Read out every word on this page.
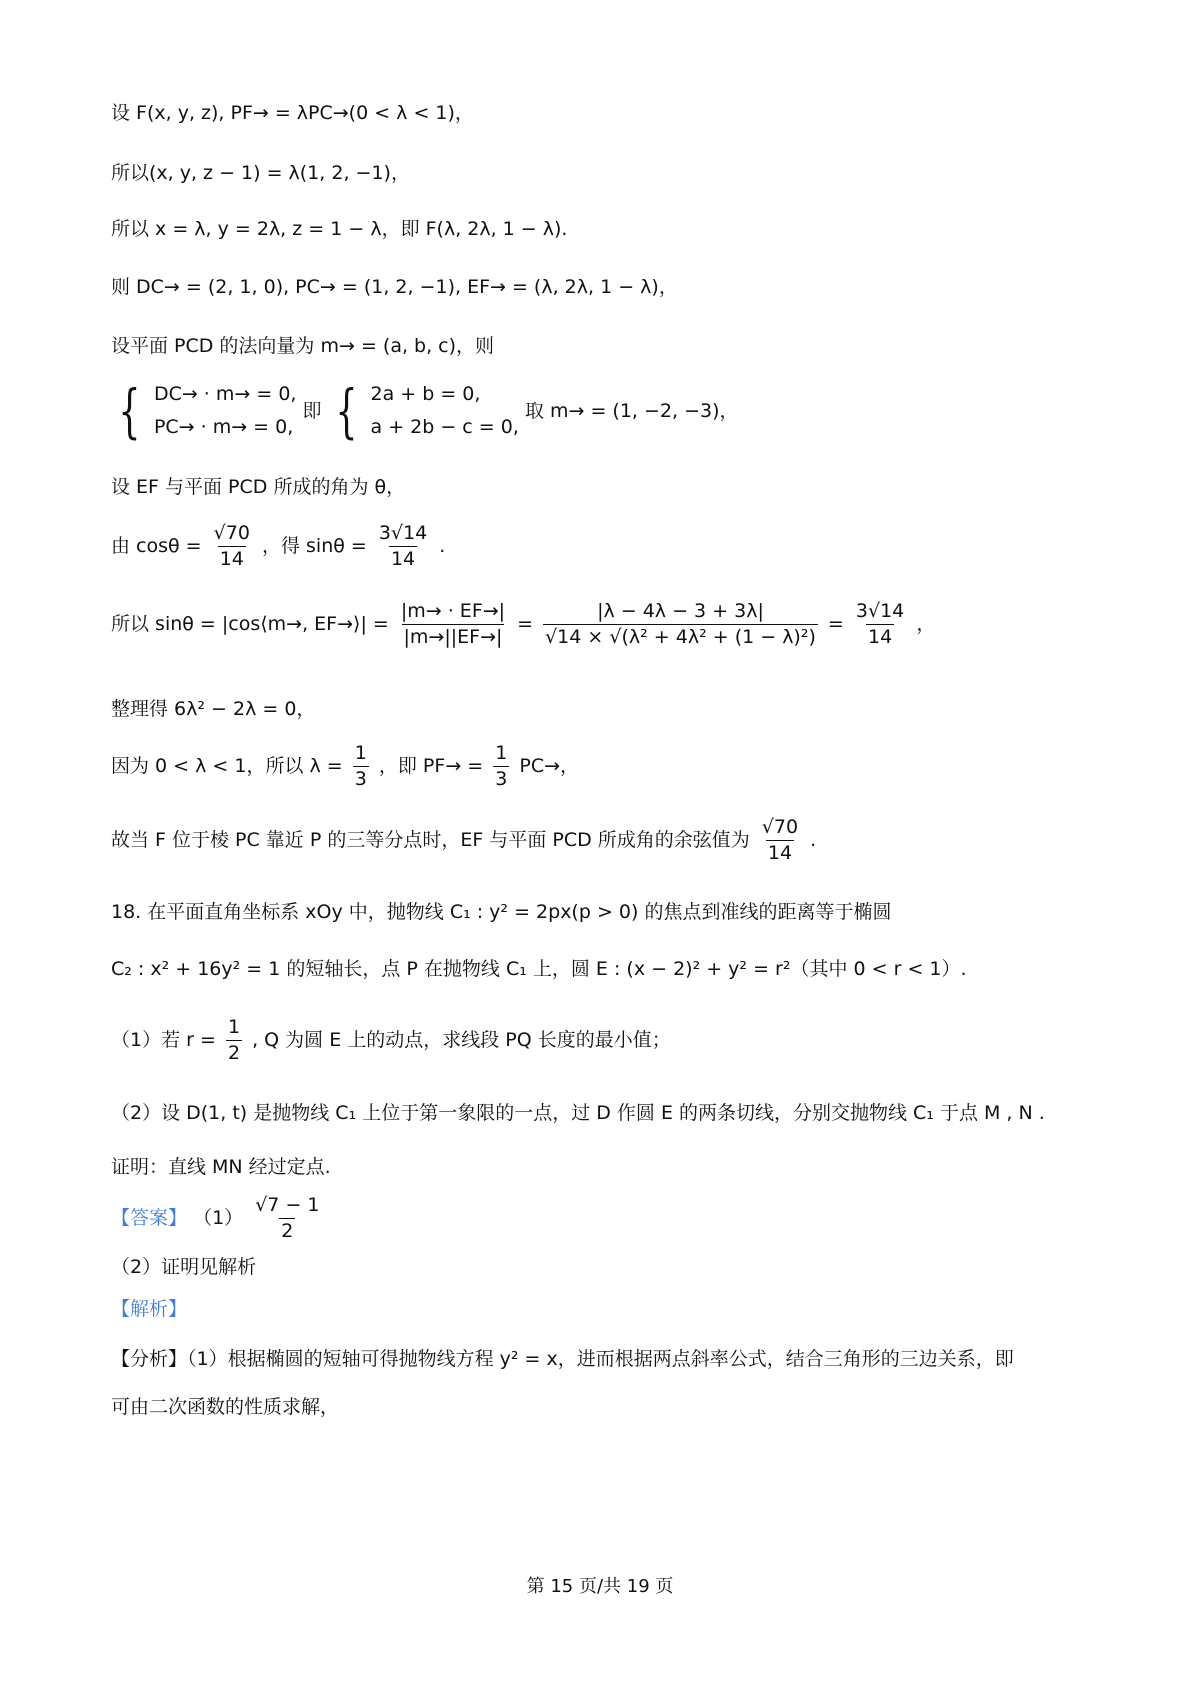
设 F(x, y, z), PF→ = λPC→(0 < λ < 1)，
所以(x, y, z − 1) = λ(1, 2, −1)，
所以 x = λ, y = 2λ, z = 1 − λ，即 F(λ, 2λ, 1 − λ).
则 DC→ = (2, 1, 0), PC→ = (1, 2, −1), EF→ = (λ, 2λ, 1 − λ)，
设平面 PCD 的法向量为 m→ = (a, b, c)，则
{ DC→ · m→ = 0,
PC→ · m→ = 0, 即 { 2a + b = 0,
a + 2b − c = 0, 取 m→ = (1, −2, −3)，
设 EF 与平面 PCD 所成的角为 θ，
由 $\cos\theta = \frac{√70}{14}$ ，得 $\sin\theta = \frac{3√14}{14}$ .
所以 sinθ = |cos⟨m→, EF→⟩| = $\frac{|m\to \cdot EF\to|}{|m\to||EF\to|} = \frac{|\lambda - 4\lambda - 3 + 3\lambda|}{\text{√14 × √(λ² + 4λ² + (1 − λ)²)}} = \frac{3√14}{14}$ ，
整理得 6λ² − 2λ = 0，
因为 0 < λ < 1，所以 $\lambda = \frac{1}{3}$ ，即 $PF\to = \frac{1}{3} PC\to$，
故当 F 位于棱 PC 靠近 P 的三等分点时，EF 与平面 PCD 所成角的余弦值为 $\frac{√70}{14}$ .
18. 在平面直角坐标系 xOy 中，抛物线 C₁ : y² = 2px(p > 0) 的焦点到准线的距离等于椭圆
C₂ : x² + 16y² = 1 的短轴长，点 P 在抛物线 C₁ 上，圆 E : (x − 2)² + y² = r²（其中 0 < r < 1）.
（1）若 $r = \frac{1}{2}$ , Q 为圆 E 上的动点，求线段 PQ 长度的最小值；
（2）设 D(1, t) 是抛物线 C₁ 上位于第一象限的一点，过 D 作圆 E 的两条切线，分别交抛物线 C₁ 于点 M , N .
证明：直线 MN 经过定点.
【答案】 $(1) \frac{√7 - 1}{2}$
（2）证明见解析
【解析】
【分析】（1）根据椭圆的短轴可得抛物线方程 y² = x，进而根据两点斜率公式，结合三角形的三边关系，即
可由二次函数的性质求解，
第 15 页/共 19 页
